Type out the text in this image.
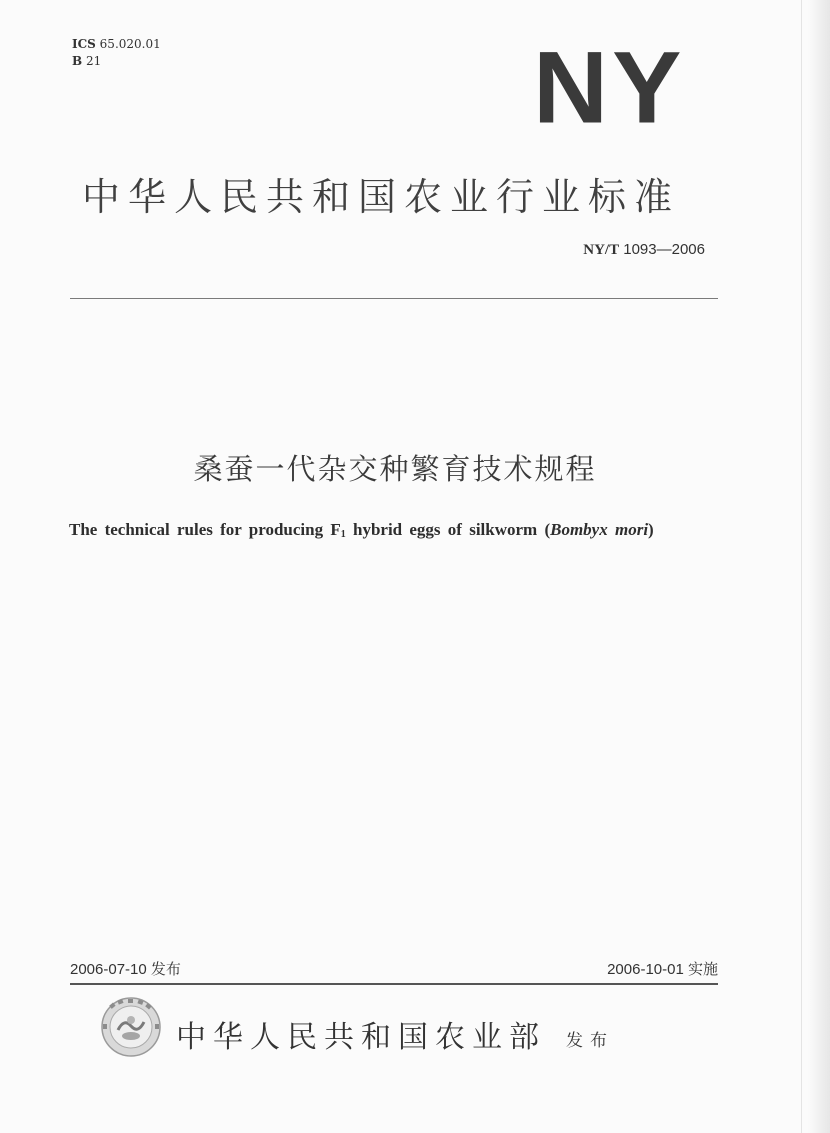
ICS 65.020.01
B 21	NY
中华人民共和国农业行业标准
NY/T 1093—2006
桑蚕一代杂交种繁育技术规程
The technical rules for producing $F_1$ hybrid eggs of silkworm (Bombyx mori)
2006-07-10 发布	2006-10-01 实施
中华人民共和国农业部 发布
